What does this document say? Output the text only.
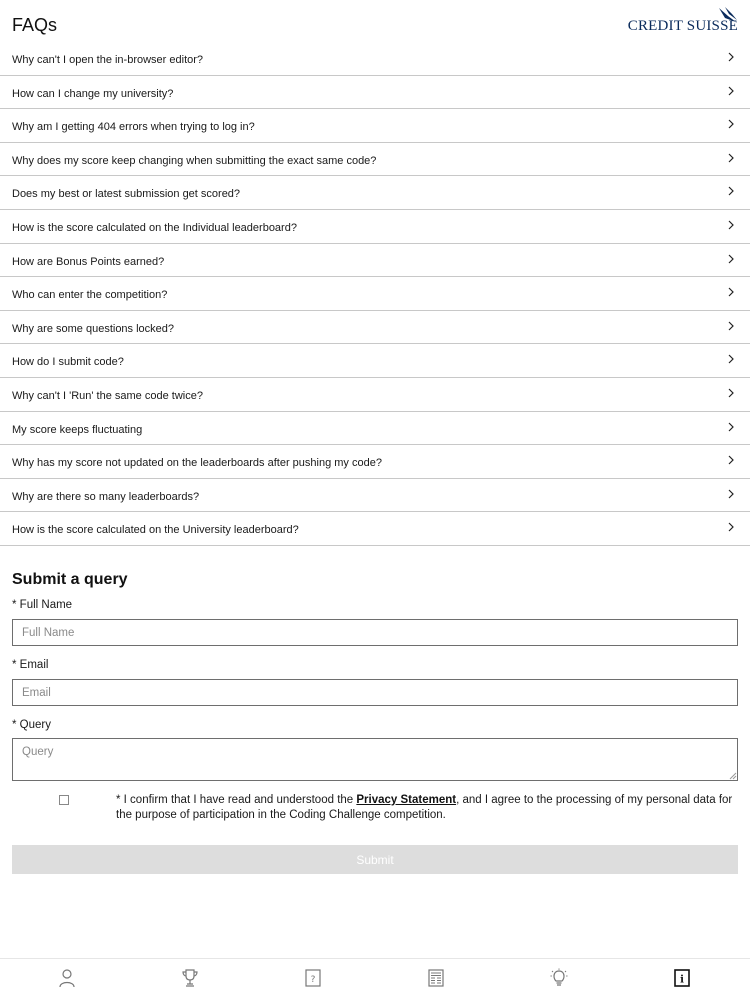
FAQs	CREDIT SUISSE
Why can't I open the in-browser editor?
How can I change my university?
Why am I getting 404 errors when trying to log in?
Why does my score keep changing when submitting the exact same code?
Does my best or latest submission get scored?
How is the score calculated on the Individual leaderboard?
How are Bonus Points earned?
Who can enter the competition?
Why are some questions locked?
How do I submit code?
Why can't I 'Run' the same code twice?
My score keeps fluctuating
Why has my score not updated on the leaderboards after pushing my code?
Why are there so many leaderboards?
How is the score calculated on the University leaderboard?
Submit a query
* Full Name
Full Name
* Email
Email
* Query
Query
* I confirm that I have read and understood the Privacy Statement, and I agree to the processing of my personal data for the purpose of participation in the Coding Challenge competition.
Submit
?	i
